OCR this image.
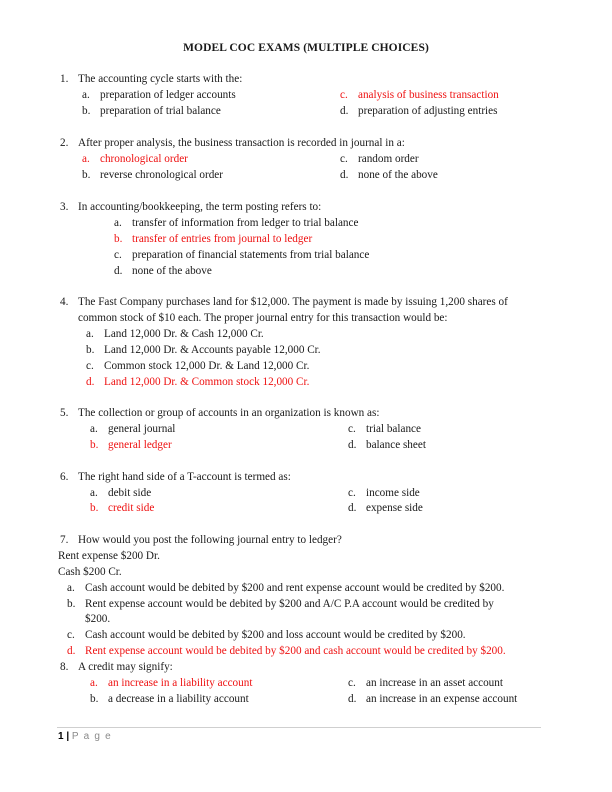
MODEL COC EXAMS (MULTIPLE CHOICES)
1. The accounting cycle starts with the:
a. preparation of ledger accounts
b. preparation of trial balance
c. analysis of business transaction
d. preparation of adjusting entries
2. After proper analysis, the business transaction is recorded in journal in a:
a. chronological order
b. reverse chronological order
c. random order
d. none of the above
3. In accounting/bookkeeping, the term posting refers to:
a. transfer of information from ledger to trial balance
b. transfer of entries from journal to ledger
c. preparation of financial statements from trial balance
d. none of the above
4. The Fast Company purchases land for $12,000. The payment is made by issuing 1,200 shares of
common stock of $10 each. The proper journal entry for this transaction would be:
a. Land 12,000 Dr. & Cash 12,000 Cr.
b. Land 12,000 Dr. & Accounts payable 12,000 Cr.
c. Common stock 12,000 Dr. & Land 12,000 Cr.
d. Land 12,000 Dr. & Common stock 12,000 Cr.
5. The collection or group of accounts in an organization is known as:
a. general journal
b. general ledger
c. trial balance
d. balance sheet
6. The right hand side of a T-account is termed as:
a. debit side
b. credit side
c. income side
d. expense side
7. How would you post the following journal entry to ledger?
Rent expense $200 Dr.
Cash $200 Cr.
a. Cash account would be debited by $200 and rent expense account would be credited by $200.
b. Rent expense account would be debited by $200 and A/C P.A account would be credited by
$200.
c. Cash account would be debited by $200 and loss account would be credited by $200.
d. Rent expense account would be debited by $200 and cash account would be credited by $200.
8. A credit may signify:
a. an increase in a liability account
b. a decrease in a liability account
c. an increase in an asset account
d. an increase in an expense account
1 | P a g e
